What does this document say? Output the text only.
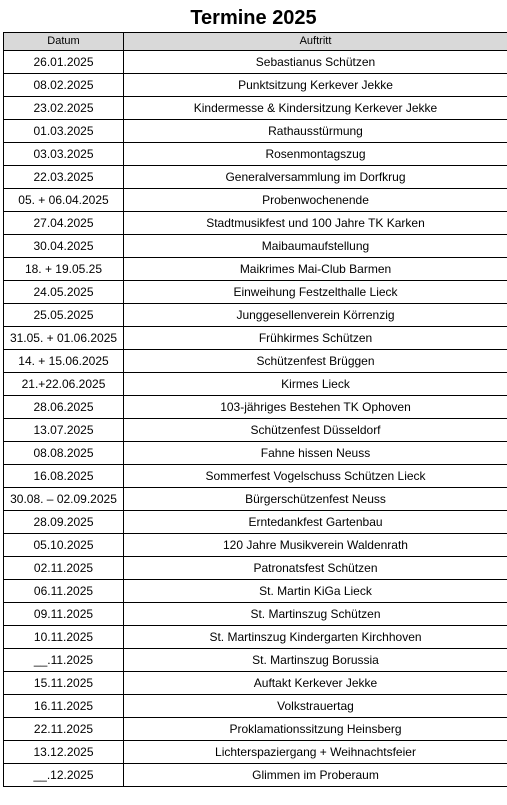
Termine 2025
Datum	Auftritt
26.01.2025	Sebastianus Schützen
08.02.2025	Punktsitzung Kerkever Jekke
23.02.2025	Kindermesse & Kindersitzung Kerkever Jekke
01.03.2025	Rathausstürmung
03.03.2025	Rosenmontagszug
22.03.2025	Generalversammlung im Dorfkrug
05. + 06.04.2025	Probenwochenende
27.04.2025	Stadtmusikfest und 100 Jahre TK Karken
30.04.2025	Maibaumaufstellung
18. + 19.05.25	Maikrimes Mai-Club Barmen
24.05.2025	Einweihung Festzelthalle Lieck
25.05.2025	Junggesellenverein Körrenzig

31.05. + 01.06.2025	Frühkirmes Schützen
14. + 15.06.2025	Schützenfest Brüggen
21.+22.06.2025	Kirmes Lieck
28.06.2025	103-jähriges Bestehen TK Ophoven
13.07.2025	Schützenfest Düsseldorf
08.08.2025	Fahne hissen Neuss
16.08.2025	Sommerfest Vogelschuss Schützen Lieck

30.08. – 02.09.2025	Bürgerschützenfest Neuss
28.09.2025	Erntedankfest Gartenbau
05.10.2025	120 Jahre Musikverein Waldenrath
02.11.2025	Patronatsfest Schützen
06.11.2025	St. Martin KiGa Lieck
09.11.2025	St. Martinszug Schützen
10.11.2025	St. Martinszug Kindergarten Kirchhoven
__.11.2025	St. Martinszug Borussia
15.11.2025	Auftakt Kerkever Jekke
16.11.2025	Volkstrauertag
22.11.2025	Proklamationssitzung Heinsberg
13.12.2025	Lichterspaziergang + Weihnachtsfeier
__.12.2025	Glimmen im Proberaum
